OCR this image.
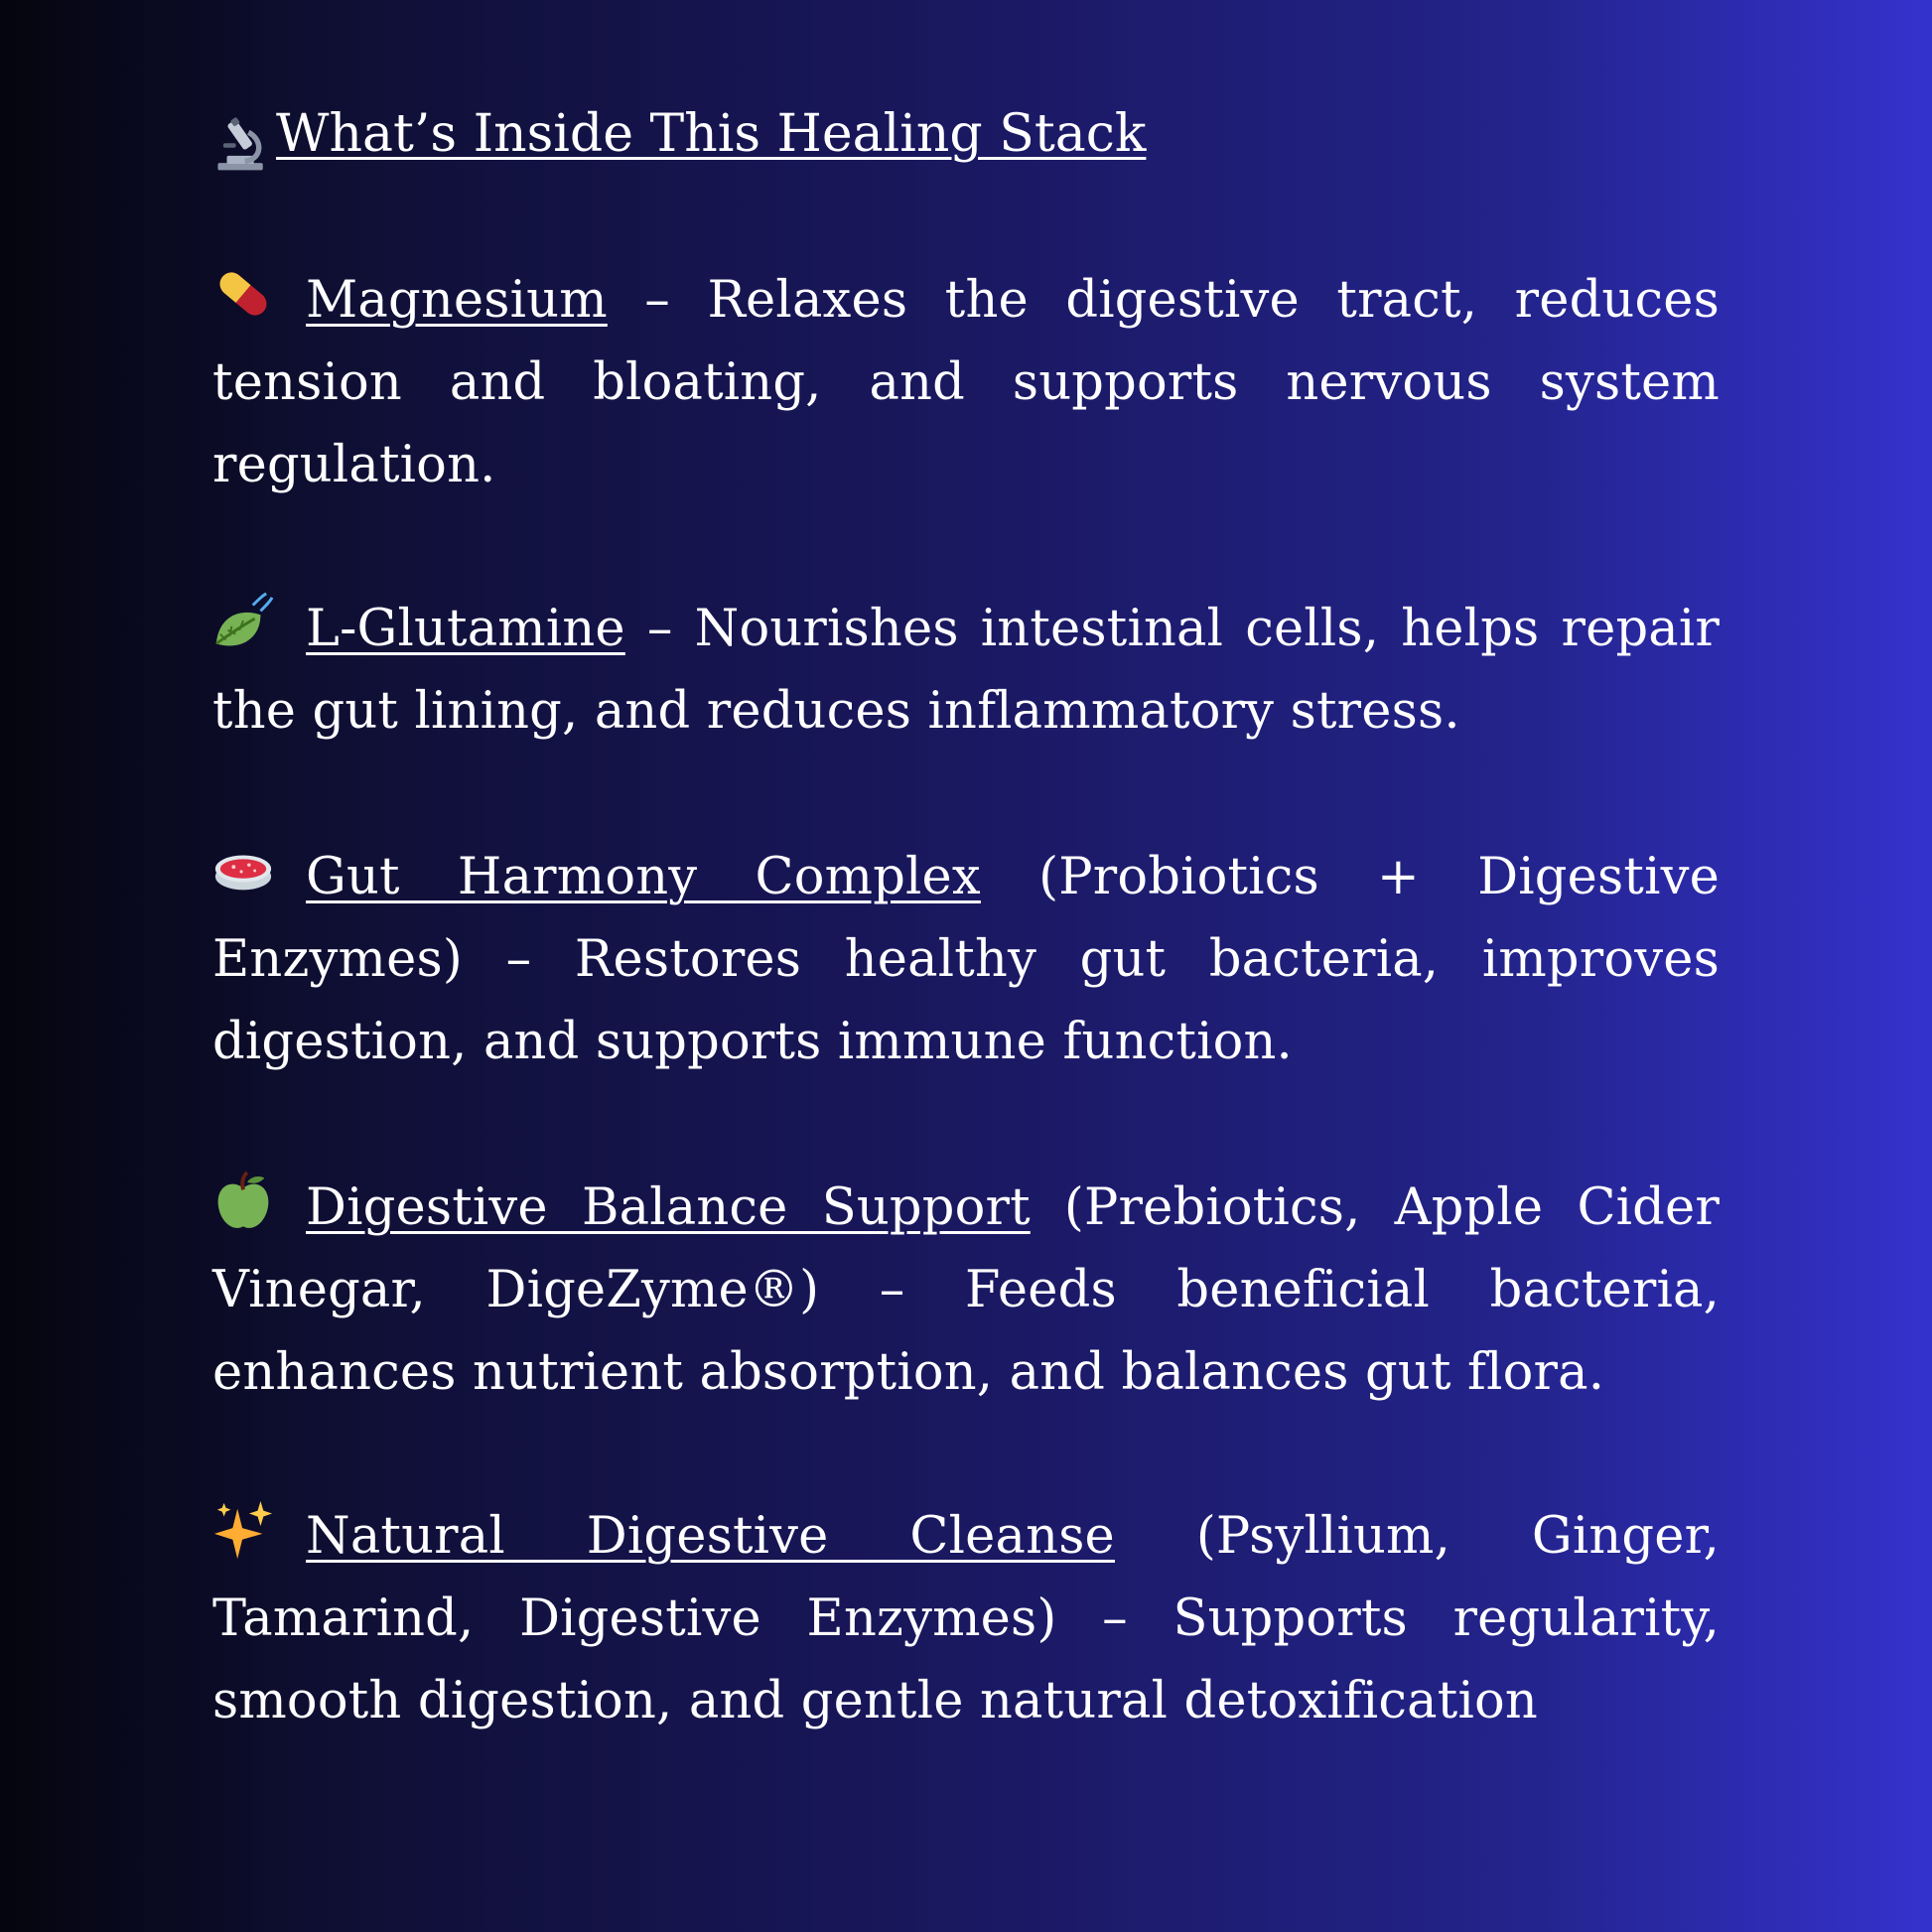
What’s Inside This Healing Stack

Magnesium – Relaxes the digestive tract, reduces tension and bloating, and supports nervous system regulation.

L-Glutamine – Nourishes intestinal cells, helps repair the gut lining, and reduces inflammatory stress.

Gut Harmony Complex (Probiotics + Digestive Enzymes) – Restores healthy gut bacteria, improves digestion, and supports immune function.

Digestive Balance Support (Prebiotics, Apple Cider Vinegar, DigeZyme®) – Feeds beneficial bacteria, enhances nutrient absorption, and balances gut flora.

Natural Digestive Cleanse (Psyllium, Ginger, Tamarind, Digestive Enzymes) – Supports regularity, smooth digestion, and gentle natural detoxification
